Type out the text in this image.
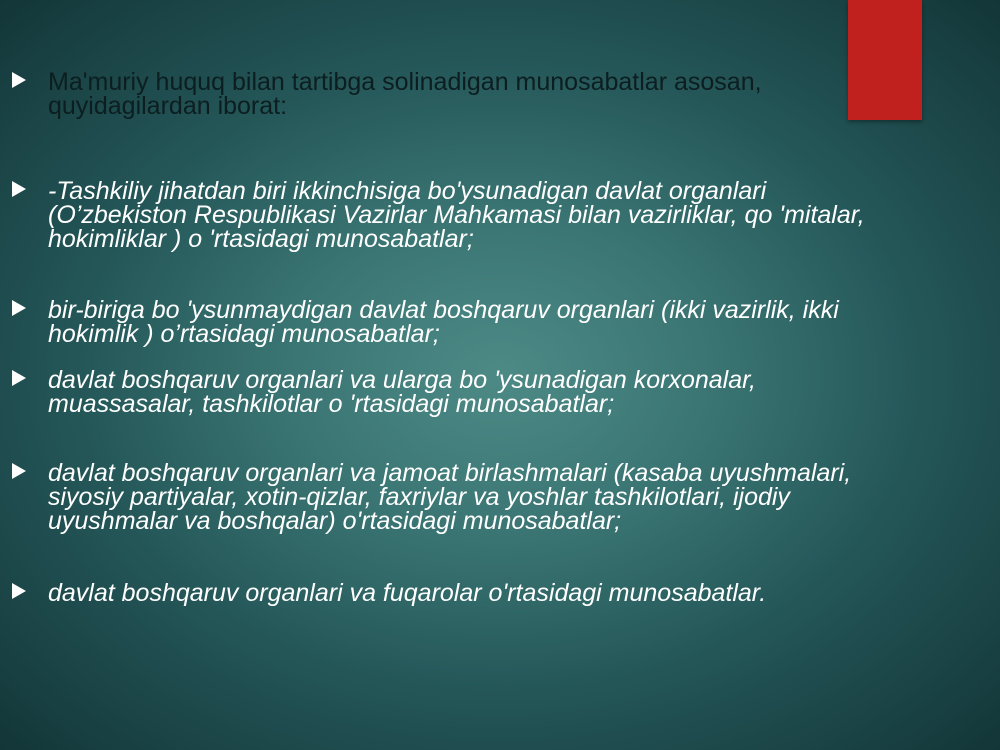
Ma'muriy huquq bilan tartibga solinadigan munosabatlar asosan, quyidagilardan iborat:

-Tashkiliy jihatdan biri ikkinchisiga bo'ysunadigan davlat organlari (O’zbekiston Respublikasi Vazirlar Mahkamasi bilan vazirliklar, qo 'mitalar, hokimliklar ) o 'rtasidagi munosabatlar;

bir-biriga bo 'ysunmaydigan davlat boshqaruv organlari (ikki vazirlik, ikki hokimlik ) o’rtasidagi munosabatlar;

davlat boshqaruv organlari va ularga bo 'ysunadigan korxonalar, muassasalar, tashkilotlar o 'rtasidagi munosabatlar;

davlat boshqaruv organlari va jamoat birlashmalari (kasaba uyushmalari, siyosiy partiyalar, xotin-qizlar, faxriylar va yoshlar tashkilotlari, ijodiy uyushmalar va boshqalar) o'rtasidagi munosabatlar;

davlat boshqaruv organlari va fuqarolar o'rtasidagi munosabatlar.
